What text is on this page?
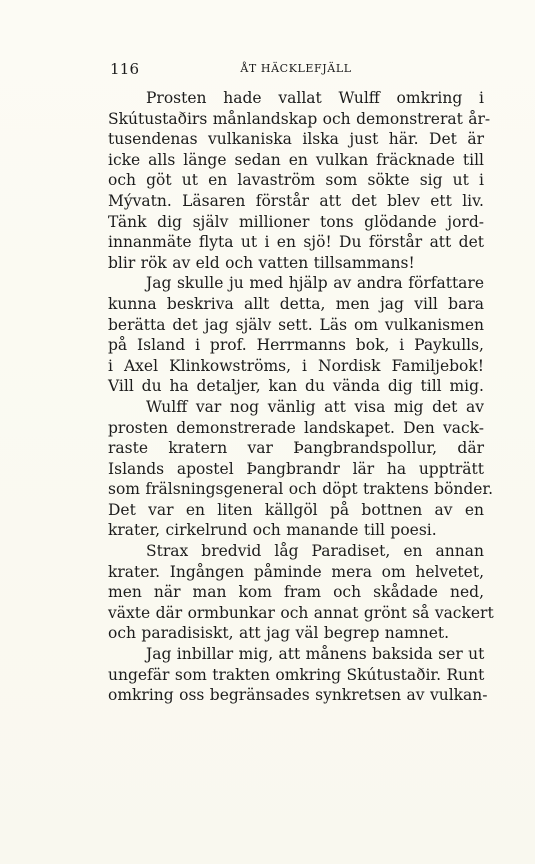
116	ÅT HÄCKLEFJÄLL
Prosten hade vallat Wulff omkring i
Skútustaðirs månlandskap och demonstrerat år-
tusendenas vulkaniska ilska just här. Det är
icke alls länge sedan en vulkan fräcknade till
och göt ut en lavaström som sökte sig ut i
Mývatn. Läsaren förstår att det blev ett liv.
Tänk dig själv millioner tons glödande jord-
innanmäte flyta ut i en sjö! Du förstår att det
blir rök av eld och vatten tillsammans!
Jag skulle ju med hjälp av andra författare
kunna beskriva allt detta, men jag vill bara
berätta det jag själv sett. Läs om vulkanismen
på Island i prof. Herrmanns bok, i Paykulls,
i Axel Klinkowströms, i Nordisk Familjebok!
Vill du ha detaljer, kan du vända dig till mig.
Wulff var nog vänlig att visa mig det av
prosten demonstrerade landskapet. Den vack-
raste kratern var Þangbrandspollur, där
Islands apostel Þangbrandr lär ha uppträtt
som frälsningsgeneral och döpt traktens bönder.
Det var en liten källgöl på bottnen av en
krater, cirkelrund och manande till poesi.
Strax bredvid låg Paradiset, en annan
krater. Ingången påminde mera om helvetet,
men när man kom fram och skådade ned,
växte där ormbunkar och annat grönt så vackert
och paradisiskt, att jag väl begrep namnet.
Jag inbillar mig, att månens baksida ser ut
ungefär som trakten omkring Skútustaðir. Runt
omkring oss begränsades synkretsen av vulkan-
